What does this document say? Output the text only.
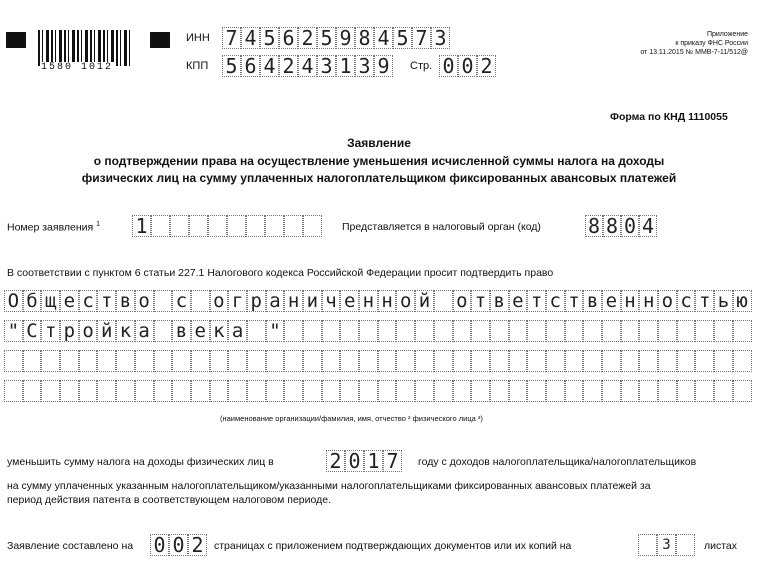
1580 1012
ИНН 7 4 5 6 2 5 9 8 4 5 7 3
КПП 5 6 4 2 4 3 1 3 9	Стр. 0 0 2
Приложение
к приказу ФНС России
от 13.11.2015 № ММВ-7-11/512@
Форма по КНД 1110055
Заявление
о подтверждении права на осуществление уменьшения исчисленной суммы налога на доходы
физических лиц на сумму уплаченных налогоплательщиком фиксированных авансовых платежей
Номер заявления $^1$ 1	Представляется в налоговый орган (код) 8 8 0 4
В соответствии с пунктом 6 статьи 227.1 Налогового кодекса Российской Федерации просит подтвердить право
О б щ е с т в о с о г р а н и ч е н н о й о т в е т с т в е н н о с т ь ю
" С т р о й к а в е к а "
(наименование организации/фамилия, имя, отчество ² физического лица ³)
уменьшить сумму налога на доходы физических лиц в	2 0 1 7	году с доходов налогоплательщика/налогоплательщиков
на сумму уплаченных указанным налогоплательщиком/указанными налогоплательщиками фиксированных авансовых платежей за
период действия патента в соответствующем налоговом периоде.
Заявление составлено на 0 0 2 страницах с приложением подтверждающих документов или их копий на	3	листах
